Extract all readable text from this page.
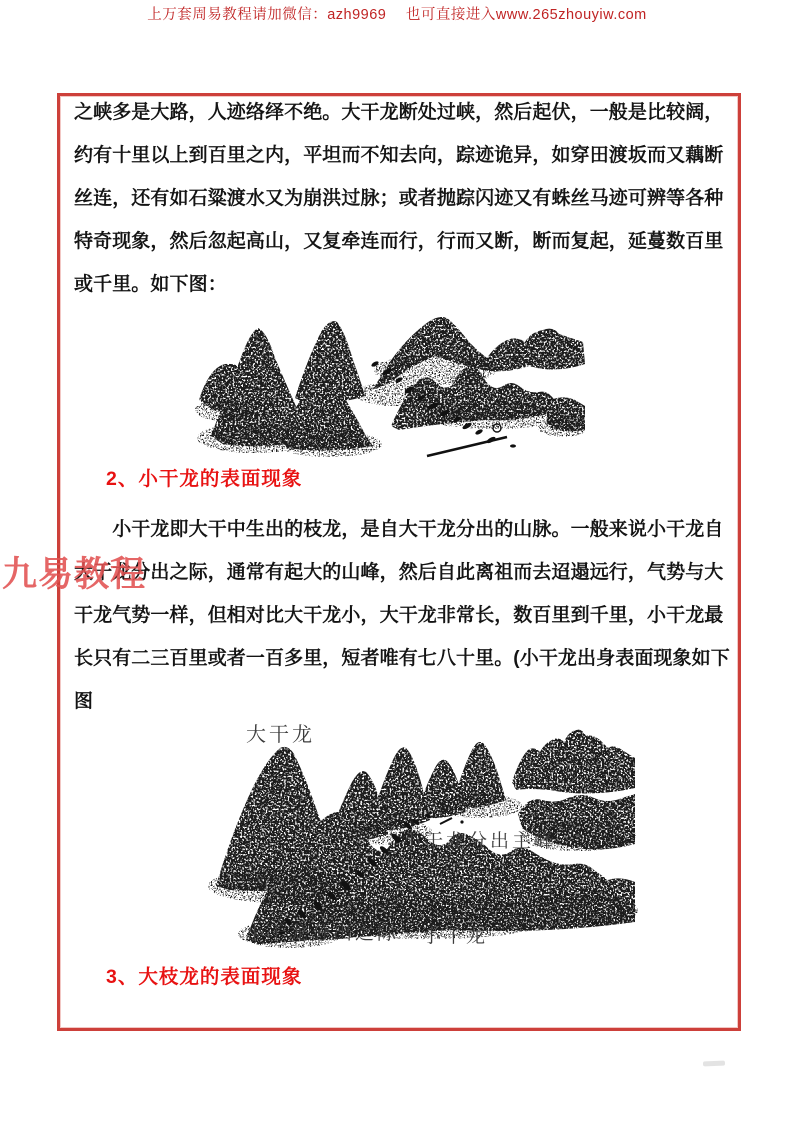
上万套周易教程请加微信：azh9969　 也可直接进入www.265zhouyiw.com
之峡多是大路，人迹络绎不绝。大干龙断处过峡，然后起伏，一般是比较阔，
约有十里以上到百里之内，平坦而不知去向，踪迹诡异，如穿田渡坂而又藕断
丝连，还有如石粱渡水又为崩洪过脉；或者抛踪闪迹又有蛛丝马迹可辨等各种
特奇现象，然后忽起高山，又复牵连而行，行而又断，断而复起，延蔓数百里
或千里。如下图：
2、小干龙的表面现象
　　小干龙即大干中生出的枝龙，是自大干龙分出的山脉。一般来说小干龙自
大干龙分出之际，通常有起大的山峰，然后自此离祖而去迢遢远行，气势与大
干龙气势一样，但相对比大干龙小，大干龙非常长，数百里到千里，小干龙最
长只有二三百里或者一百多里，短者唯有七八十里。(小干龙出身表面现象如下
图
大干龙
小干龙分出主峰
小干龙分出之际 小干龙
3、大枝龙的表面现象
九易教程
